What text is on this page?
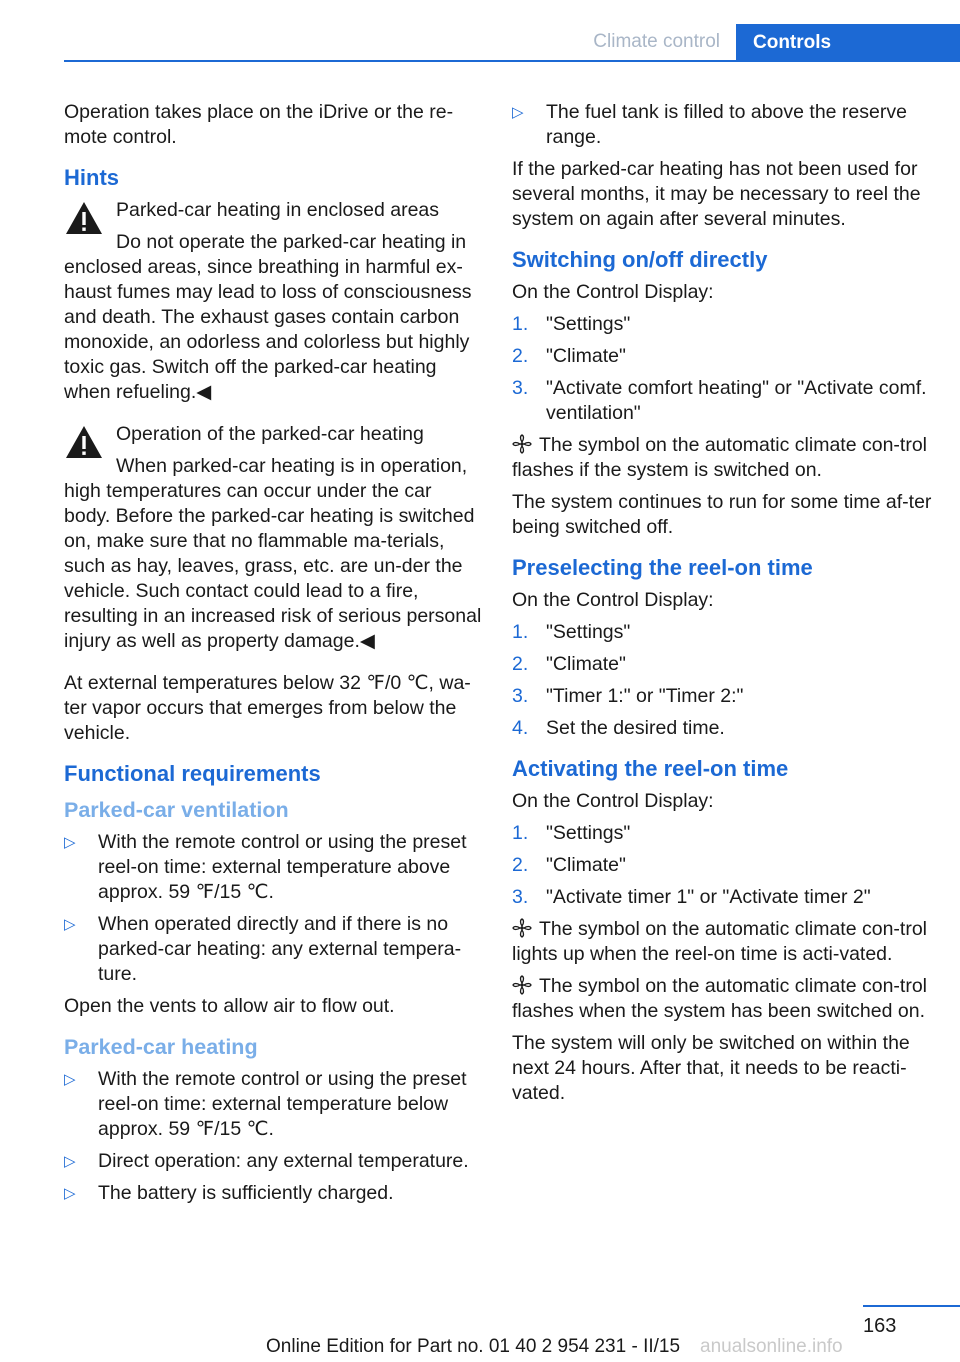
Climate control	Controls

Operation takes place on the iDrive or the re-mote control.

Hints

Parked-car heating in enclosed areas

Do not operate the parked-car heating in
enclosed areas, since breathing in harmful ex-haust fumes may lead to loss of consciousness and death. The exhaust gases contain carbon monoxide, an odorless and colorless but highly toxic gas. Switch off the parked-car heating when refueling.◀

Operation of the parked-car heating

When parked-car heating is in operation,
high temperatures can occur under the car body. Before the parked-car heating is switched on, make sure that no flammable ma-terials, such as hay, leaves, grass, etc. are un-der the vehicle. Such contact could lead to a fire, resulting in an increased risk of serious personal injury as well as property damage.◀

At external temperatures below 32 ℉/0 ℃, wa-ter vapor occurs that emerges from below the vehicle.

Functional requirements
Parked-car ventilation
▷ With the remote control or using the preset reel-on time: external temperature above approx. 59 ℉/15 ℃.
▷ When operated directly and if there is no parked-car heating: any external tempera-ture.

Open the vents to allow air to flow out.

Parked-car heating
▷ With the remote control or using the preset reel-on time: external temperature below approx. 59 ℉/15 ℃.
▷ Direct operation: any external temperature.
▷ The battery is sufficiently charged.
▷ The fuel tank is filled to above the reserve range.

If the parked-car heating has not been used for several months, it may be necessary to reel the system on again after several minutes.

Switching on/off directly

On the Control Display:

1. "Settings"
2. "Climate"
3. "Activate comfort heating" or "Activate comf. ventilation"

The symbol on the automatic climate con-trol flashes if the system is switched on.

The system continues to run for some time af-ter being switched off.

Preselecting the reel-on time

On the Control Display:

1. "Settings"
2. "Climate"
3. "Timer 1:" or "Timer 2:"
4. Set the desired time.
Activating the reel-on time

On the Control Display:

1. "Settings"
2. "Climate"
3. "Activate timer 1" or "Activate timer 2"

The symbol on the automatic climate con-trol lights up when the reel-on time is acti-vated.

The symbol on the automatic climate con-trol flashes when the system has been switched on.

The system will only be switched on within the next 24 hours. After that, it needs to be reacti-vated.

163
Online Edition for Part no. 01 40 2 954 231 - II/15 anualsonline.info
